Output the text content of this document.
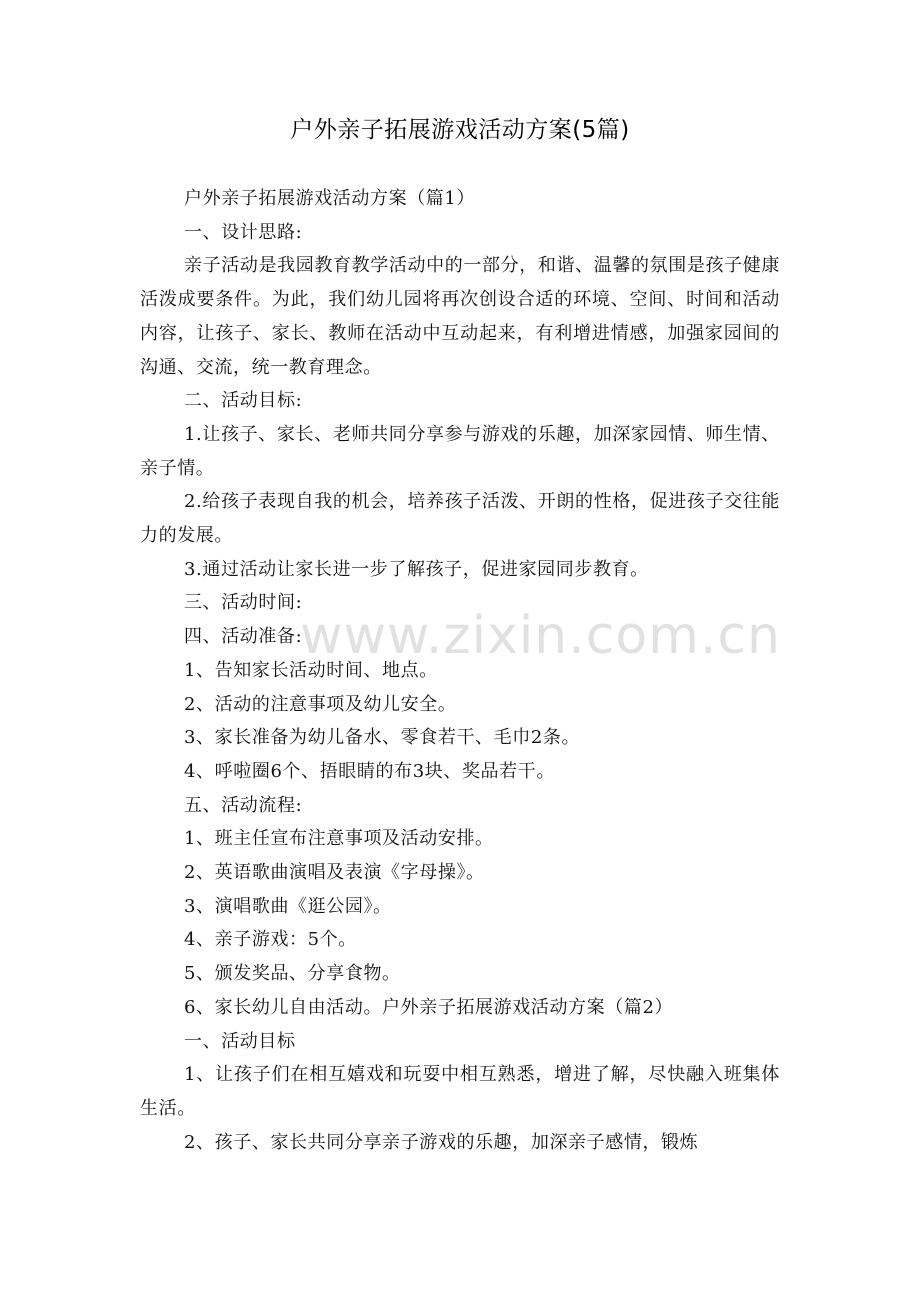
www.zixin.com.cn
户外亲子拓展游戏活动方案(5篇)

户外亲子拓展游戏活动方案（篇1）

一、设计思路:

亲子活动是我园教育教学活动中的一部分，和谐、温馨的氛围是孩子健康活泼成要条件。为此，我们幼儿园将再次创设合适的环境、空间、时间和活动内容，让孩子、家长、教师在活动中互动起来，有利增进情感，加强家园间的沟通、交流，统一教育理念。

二、活动目标:

1.让孩子、家长、老师共同分享参与游戏的乐趣，加深家园情、师生情、亲子情。

2.给孩子表现自我的机会，培养孩子活泼、开朗的性格，促进孩子交往能力的发展。

3.通过活动让家长进一步了解孩子，促进家园同步教育。

三、活动时间:

四、活动准备:

1、告知家长活动时间、地点。

2、活动的注意事项及幼儿安全。

3、家长准备为幼儿备水、零食若干、毛巾2条。

4、呼啦圈6个、捂眼睛的布3块、奖品若干。

五、活动流程:

1、班主任宣布注意事项及活动安排。

2、英语歌曲演唱及表演《字母操》。

3、演唱歌曲《逛公园》。

4、亲子游戏：5个。

5、颁发奖品、分享食物。

6、家长幼儿自由活动。户外亲子拓展游戏活动方案（篇2）

一、活动目标

1、让孩子们在相互嬉戏和玩耍中相互熟悉，增进了解，尽快融入班集体生活。

2、孩子、家长共同分享亲子游戏的乐趣，加深亲子感情，锻炼
